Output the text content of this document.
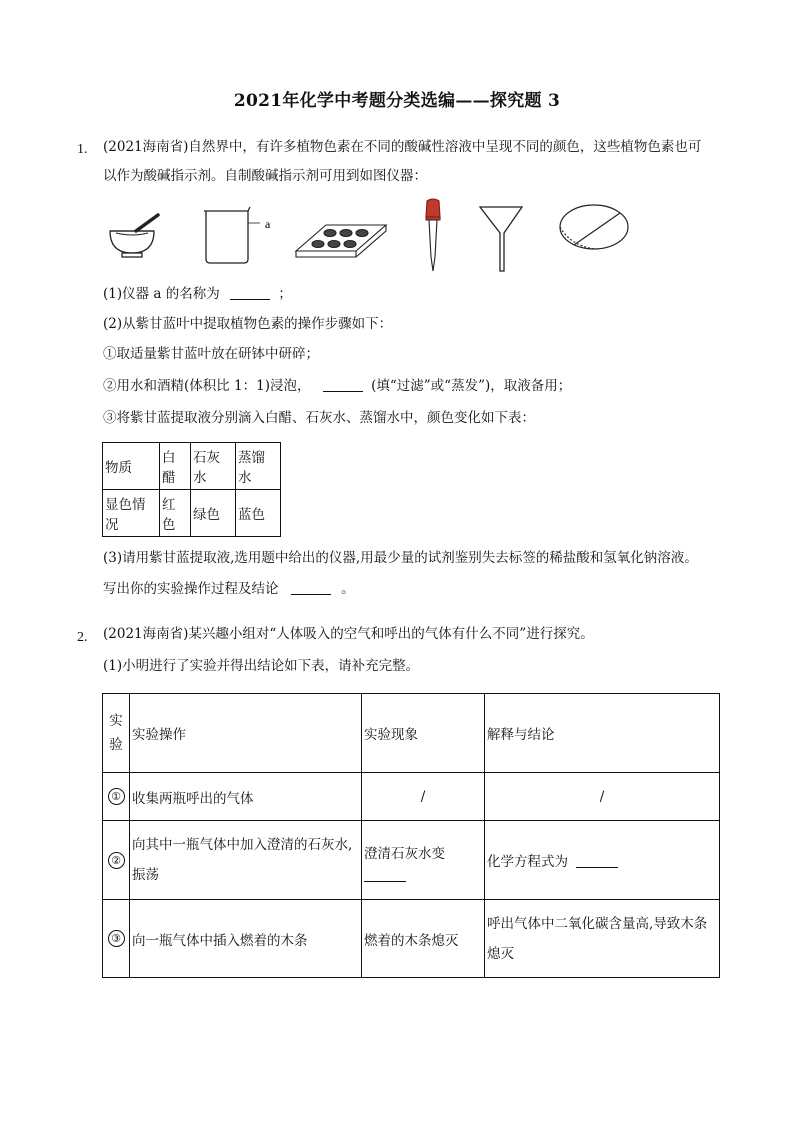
2021年化学中考题分类选编——探究题 3
1. (2021海南省)自然界中，有许多植物色素在不同的酸碱性溶液中呈现不同的颜色，这些植物色素也可
以作为酸碱指示剂。自制酸碱指示剂可用到如图仪器：
a
(1)仪器 a 的名称为	；
(2)从紫甘蓝叶中提取植物色素的操作步骤如下：
①取适量紫甘蓝叶放在研钵中研碎；
②用水和酒精(体积比 1：1)浸泡，	(填“过滤”或“蒸发”)，取液备用；
③将紫甘蓝提取液分别滴入白醋、石灰水、蒸馏水中，颜色变化如下表：
物质	白醋	石灰水	蒸馏水
显色情况	红色	绿色	蓝色
(3)请用紫甘蓝提取液,选用题中给出的仪器,用最少量的试剂鉴别失去标签的稀盐酸和氢氧化钠溶液。
写出你的实验操作过程及结论	。
2. (2021海南省)某兴趣小组对“人体吸入的空气和呼出的气体有什么不同”进行探究。
(1)小明进行了实验并得出结论如下表，请补充完整。
实验	实验操作	实验现象	解释与结论
①	收集两瓶呼出的气体	/	/
②	向其中一瓶气体中加入澄清的石灰水,振荡	澄清石灰水变	化学方程式为
③	向一瓶气体中插入燃着的木条	燃着的木条熄灭	呼出气体中二氧化碳含量高,导致木条熄灭
